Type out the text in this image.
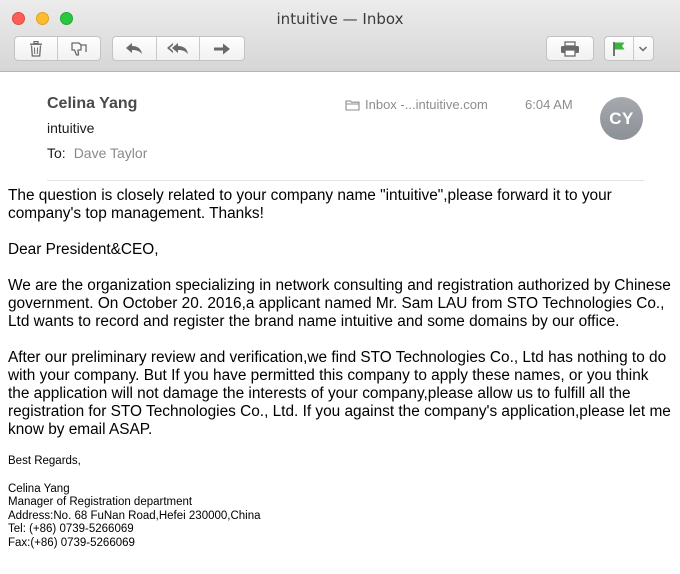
intuitive — Inbox
Celina Yang
intuitive
To: Dave Taylor
Inbox -...intuitive.com	6:04 AM
CY

The question is closely related to your company name "intuitive",please forward it to your company's top management. Thanks!

Dear President&CEO,

We are the organization specializing in network consulting and registration authorized by Chinese government. On October 20. 2016,a applicant named Mr. Sam LAU from STO Technologies Co., Ltd wants to record and register the brand name intuitive and some domains by our office.

After our preliminary review and verification,we find STO Technologies Co., Ltd has nothing to do with your company. But If you have permitted this company to apply these names, or you think the application will not damage the interests of your company,please allow us to fulfill all the registration for STO Technologies Co., Ltd. If you against the company's application,please let me know by email ASAP.

Best Regards,

Celina Yang
Manager of Registration department
Address:No. 68 FuNan Road,Hefei 230000,China
Tel: (+86) 0739-5266069
Fax:(+86) 0739-5266069
